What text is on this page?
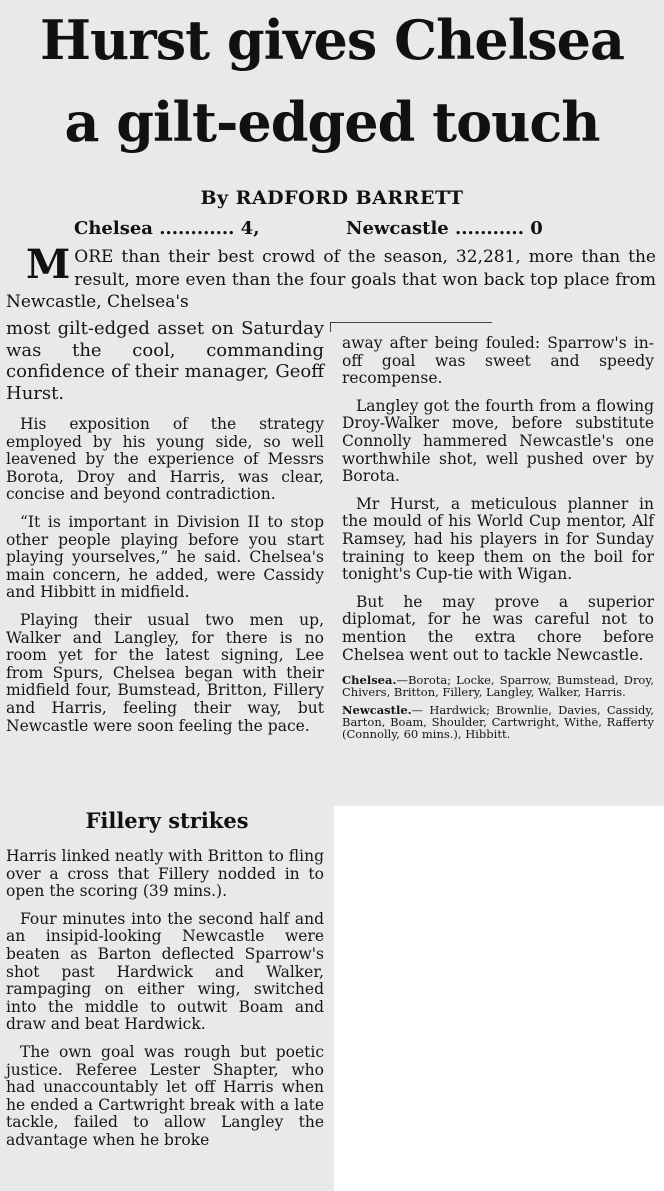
Hurst gives Chelsea
a gilt-edged touch
By RADFORD BARRETT
Chelsea ............ 4,	Newcastle ........... 0
MORE than their best crowd of the season, 32,281, more than the result, more even than the four goals that won back top place from Newcastle, Chelsea's

most gilt-edged asset on Saturday was the cool, commanding confidence of their manager, Geoff Hurst.

His exposition of the strategy employed by his young side, so well leavened by the experience of Messrs Borota, Droy and Harris, was clear, concise and beyond contradiction.

“It is important in Division II to stop other people playing before you start playing yourselves,” he said. Chelsea's main concern, he added, were Cassidy and Hibbitt in midfield.

Playing their usual two men up, Walker and Langley, for there is no room yet for the latest signing, Lee from Spurs, Chelsea began with their midfield four, Bumstead, Britton, Fillery and Harris, feeling their way, but Newcastle were soon feeling the pace.

Fillery strikes

Harris linked neatly with Britton to fling over a cross that Fillery nodded in to open the scoring (39 mins.).

Four minutes into the second half and an insipid-looking Newcastle were beaten as Barton deflected Sparrow's shot past Hardwick and Walker, rampaging on either wing, switched into the middle to outwit Boam and draw and beat Hardwick.

The own goal was rough but poetic justice. Referee Lester Shapter, who had unaccountably let off Harris when he ended a Cartwright break with a late tackle, failed to allow Langley the advantage when he broke

away after being fouled: Sparrow's in-off goal was sweet and speedy recompense.

Langley got the fourth from a flowing Droy-Walker move, before substitute Connolly hammered Newcastle's one worthwhile shot, well pushed over by Borota.

Mr Hurst, a meticulous planner in the mould of his World Cup mentor, Alf Ramsey, had his players in for Sunday training to keep them on the boil for tonight's Cup-tie with Wigan.

But he may prove a superior diplomat, for he was careful not to mention the extra chore before Chelsea went out to tackle Newcastle.

Chelsea.—Borota; Locke, Sparrow, Bumstead, Droy, Chivers, Britton, Fillery, Langley, Walker, Harris.

Newcastle.— Hardwick; Brownlie, Davies, Cassidy, Barton, Boam, Shoulder, Cartwright, Withe, Rafferty (Connolly, 60 mins.), Hibbitt.
